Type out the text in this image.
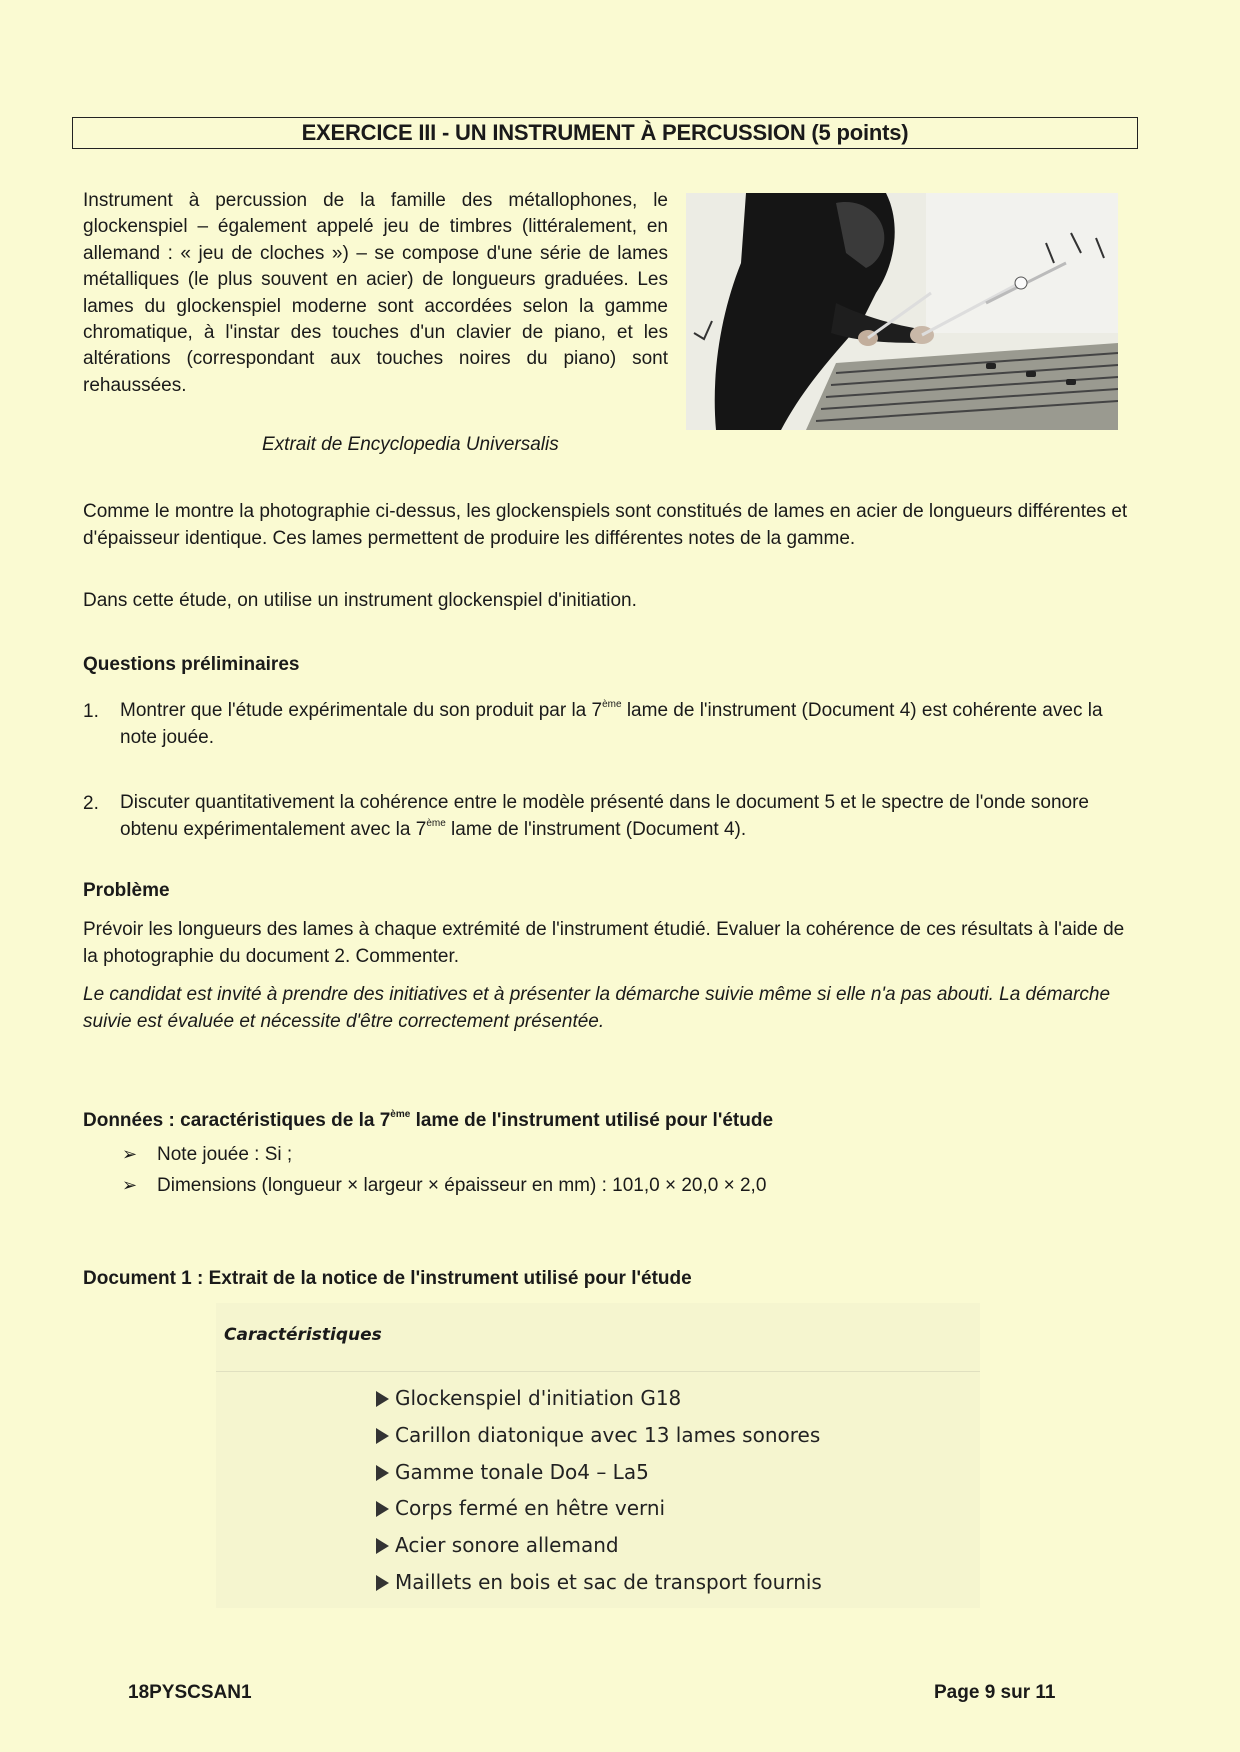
EXERCICE III - UN INSTRUMENT À PERCUSSION (5 points)
Instrument à percussion de la famille des métallophones, le glockenspiel – également appelé jeu de timbres (littéralement, en allemand : « jeu de cloches ») – se compose d'une série de lames métalliques (le plus souvent en acier) de longueurs graduées. Les lames du glockenspiel moderne sont accordées selon la gamme chromatique, à l'instar des touches d'un clavier de piano, et les altérations (correspondant aux touches noires du piano) sont rehaussées.
Extrait de Encyclopedia Universalis
Comme le montre la photographie ci-dessus, les glockenspiels sont constitués de lames en acier de longueurs différentes et d'épaisseur identique. Ces lames permettent de produire les différentes notes de la gamme.
Dans cette étude, on utilise un instrument glockenspiel d'initiation.
Questions préliminaires
1. Montrer que l'étude expérimentale du son produit par la 7ème lame de l'instrument (Document 4) est cohérente avec la note jouée.
2. Discuter quantitativement la cohérence entre le modèle présenté dans le document 5 et le spectre de l'onde sonore obtenu expérimentalement avec la 7ème lame de l'instrument (Document 4).
Problème
Prévoir les longueurs des lames à chaque extrémité de l'instrument étudié. Evaluer la cohérence de ces résultats à l'aide de la photographie du document 2. Commenter.
Le candidat est invité à prendre des initiatives et à présenter la démarche suivie même si elle n'a pas abouti. La démarche suivie est évaluée et nécessite d'être correctement présentée.
Données : caractéristiques de la 7ème lame de l'instrument utilisé pour l'étude
➢ Note jouée : Si ;
➢ Dimensions (longueur × largeur × épaisseur en mm) : 101,0 × 20,0 × 2,0
Document 1 : Extrait de la notice de l'instrument utilisé pour l'étude
Caractéristiques
Glockenspiel d'initiation G18
Carillon diatonique avec 13 lames sonores
Gamme tonale Do4 – La5
Corps fermé en hêtre verni
Acier sonore allemand
Maillets en bois et sac de transport fournis
18PYSCSAN1	Page 9 sur 11
